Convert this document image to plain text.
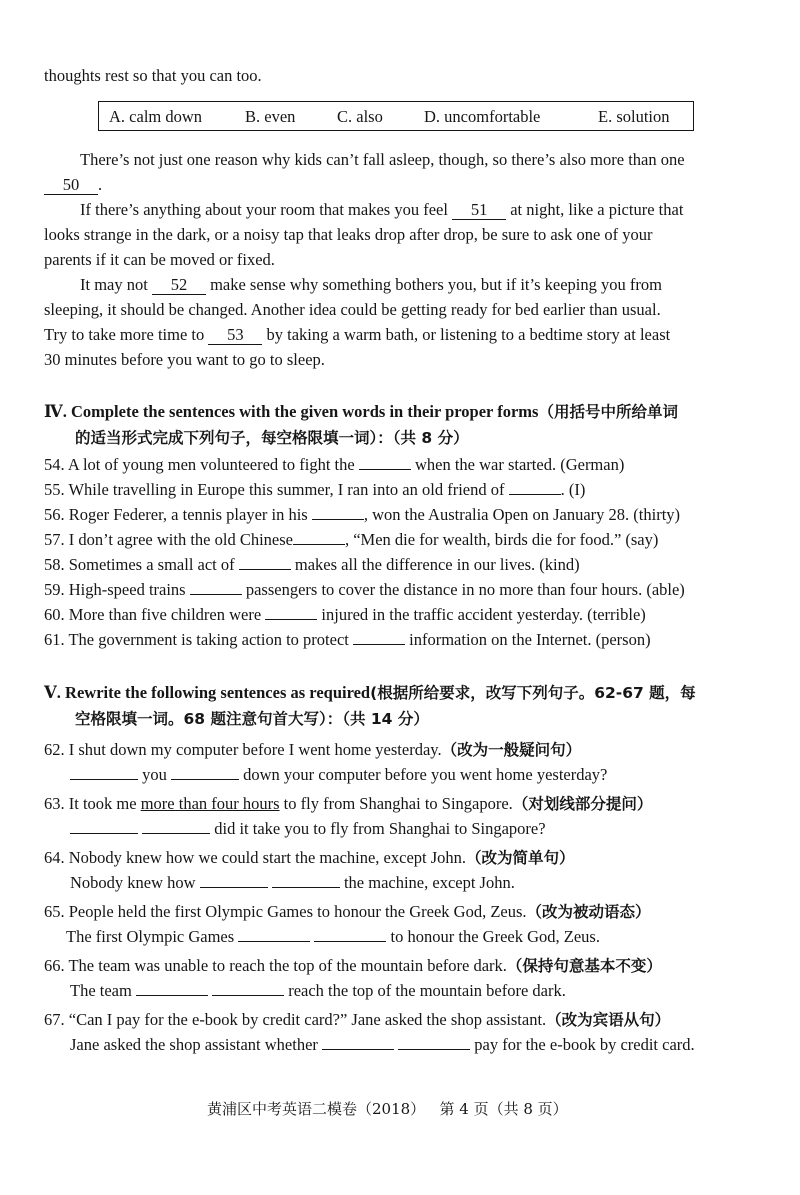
thoughts rest so that you can too.
A. calm down	B. even	C. also D. uncomfortable	E. solution
There’s not just one reason why kids can’t fall asleep, though, so there’s also more than one
50 .
If there’s anything about your room that makes you feel 51 at night, like a picture that
looks strange in the dark, or a noisy tap that leaks drop after drop, be sure to ask one of your
parents if it can be moved or fixed.
It may not 52 make sense why something bothers you, but if it’s keeping you from
sleeping, it should be changed. Another idea could be getting ready for bed earlier than usual.
Try to take more time to 53 by taking a warm bath, or listening to a bedtime story at least
30 minutes before you want to go to sleep.
Ⅳ. Complete the sentences with the given words in their proper forms（用括号中所给单词
的适当形式完成下列句子，每空格限填一词）：（共 8 分）
54. A lot of young men volunteered to fight the	when the war started. (German)
55. While travelling in Europe this summer, I ran into an old friend of	. (I)
56. Roger Federer, a tennis player in his	, won the Australia Open on January 28. (thirty)
57. I don’t agree with the old Chinese	, “Men die for wealth, birds die for food.” (say)
58. Sometimes a small act of	makes all the difference in our lives. (kind)
59. High-speed trains	passengers to cover the distance in no more than four hours. (able)
60. More than five children were	injured in the traffic accident yesterday. (terrible)
61. The government is taking action to protect	information on the Internet. (person)
Ⅴ. Rewrite the following sentences as required(根据所给要求，改写下列句子。62-67 题，每
空格限填一词。68 题注意句首大写）：（共 14 分）
62. I shut down my computer before I went home yesterday.（改为一般疑问句）
you	down your computer before you went home yesterday?
63. It took me more than four hours to fly from Shanghai to Singapore.（对划线部分提问）
did it take you to fly from Shanghai to Singapore?
64. Nobody knew how we could start the machine, except John.（改为简单句）
Nobody knew how	the machine, except John.
65. People held the first Olympic Games to honour the Greek God, Zeus.（改为被动语态）
The first Olympic Games	to honour the Greek God, Zeus.
66. The team was unable to reach the top of the mountain before dark.（保持句意基本不变）
The team	reach the top of the mountain before dark.
67. “Can I pay for the e-book by credit card?” Jane asked the shop assistant.（改为宾语从句）
Jane asked the shop assistant whether	pay for the e-book by credit card.
黄浦区中考英语二模卷（2018） 第 4 页（共 8 页）
